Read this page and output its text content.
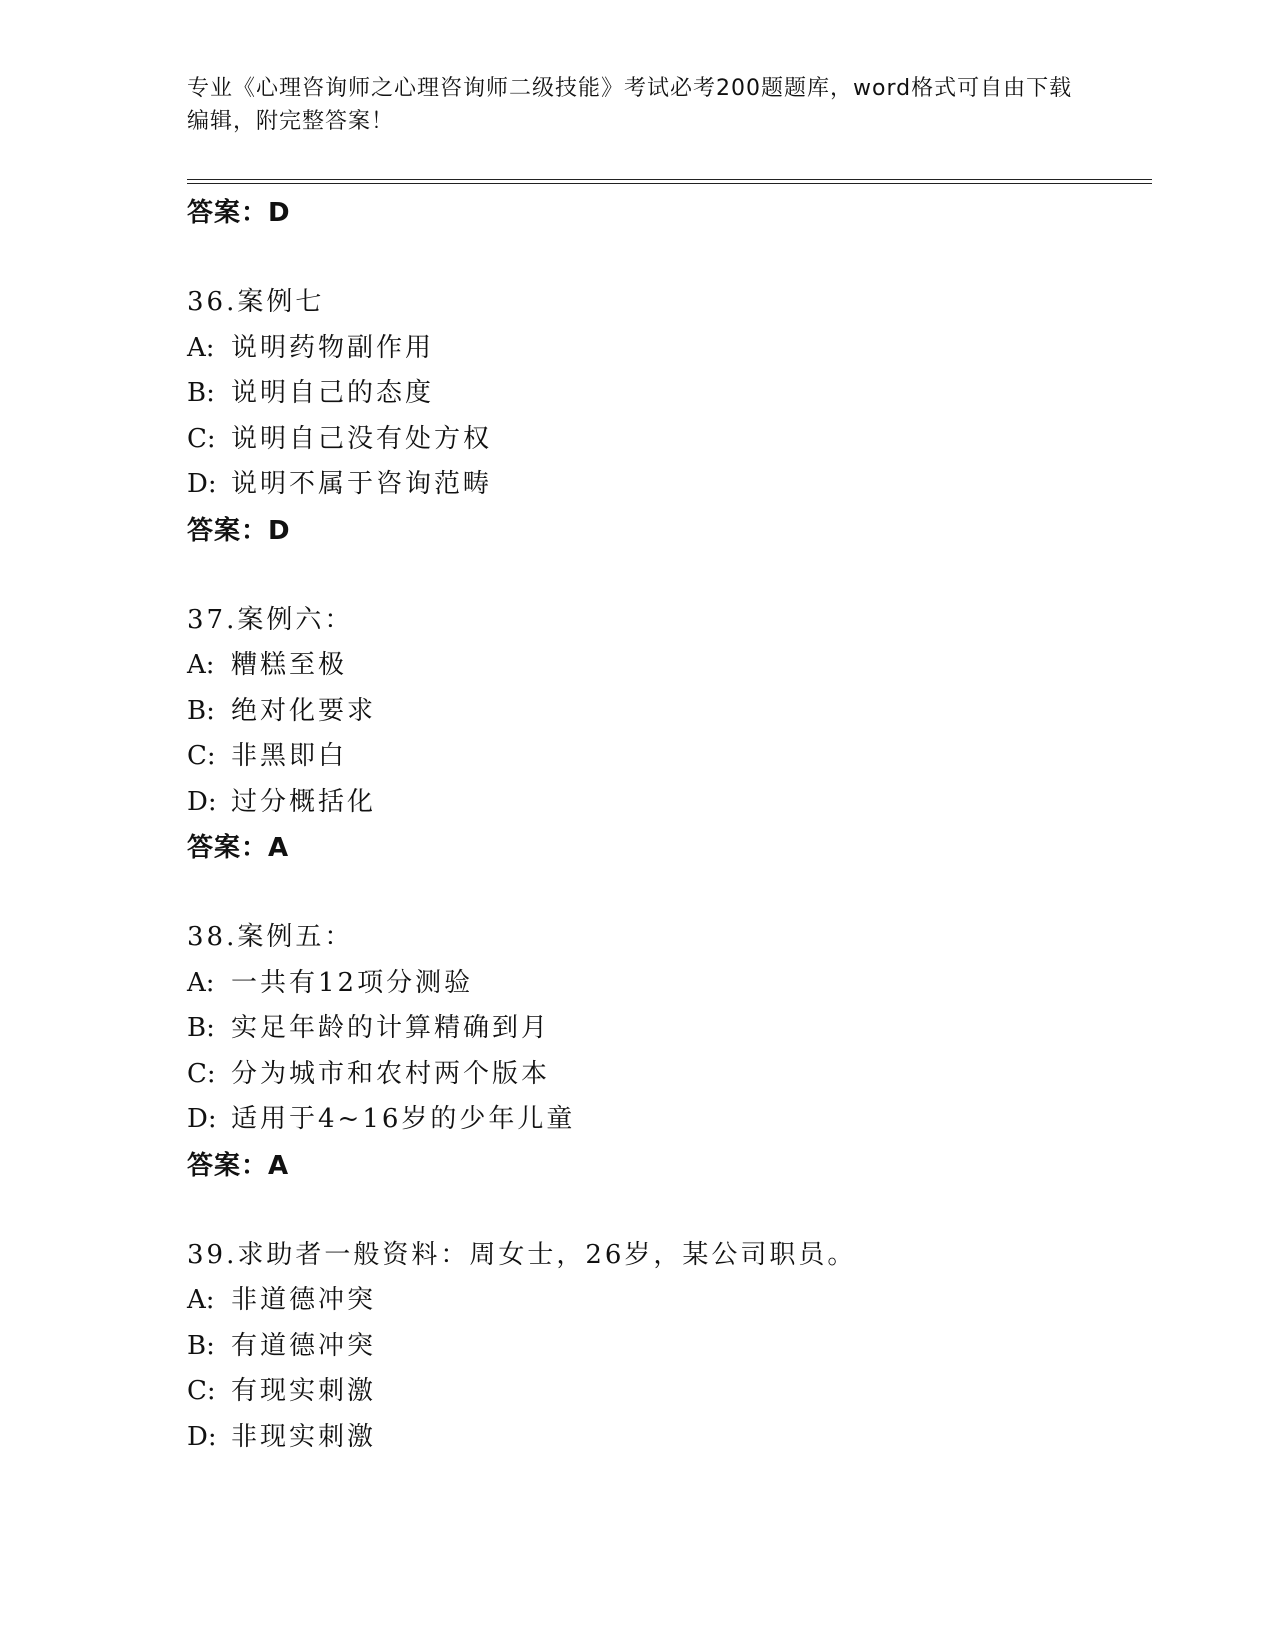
专业《心理咨询师之心理咨询师二级技能》考试必考200题题库，word格式可自由下载编辑，附完整答案！
答案：D
36.案例七
A: 说明药物副作用
B: 说明自己的态度
C: 说明自己没有处方权
D: 说明不属于咨询范畴
答案：D
37.案例六：
A: 糟糕至极
B: 绝对化要求
C: 非黑即白
D: 过分概括化
答案：A
38.案例五：
A: 一共有12项分测验
B: 实足年龄的计算精确到月
C: 分为城市和农村两个版本
D: 适用于4~16岁的少年儿童
答案：A
39.求助者一般资料：周女士，26岁，某公司职员。
A: 非道德冲突
B: 有道德冲突
C: 有现实刺激
D: 非现实刺激
